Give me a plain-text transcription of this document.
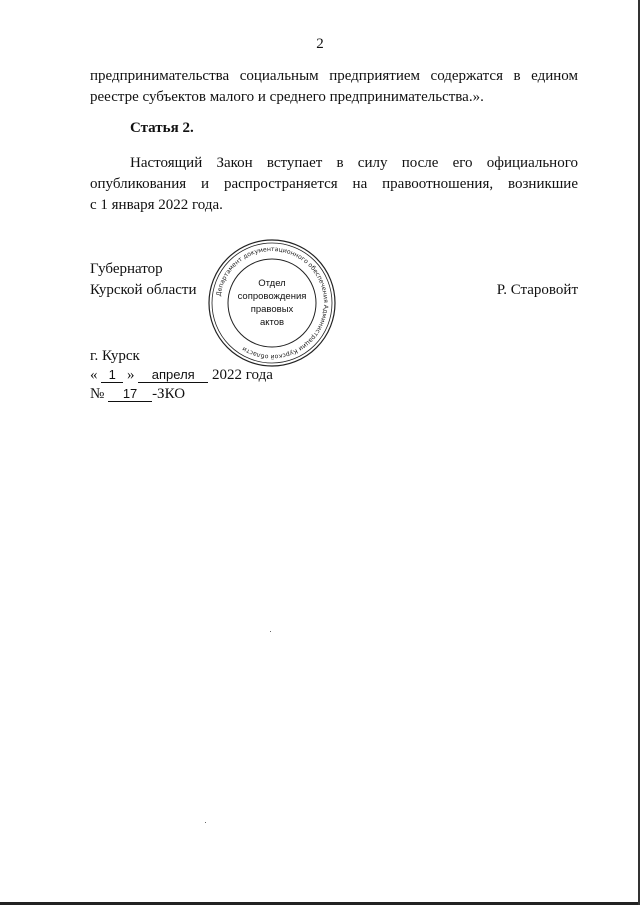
2
предпринимательства социальным предприятием содержатся в едином
реестре субъектов малого и среднего предпринимательства.».
Статья 2.
Настоящий Закон вступает в силу после его официального
опубликования и распространяется на правоотношения, возникшие
с 1 января 2022 года.
Губернатор
Курской области	Р. Старовойт
Департамент документационного обеспечения Администрации Курской области
Отдел
сопровождения
правовых
актов
г. Курск
« 1 » апреля 2022 года
№ 17 -ЗКО
